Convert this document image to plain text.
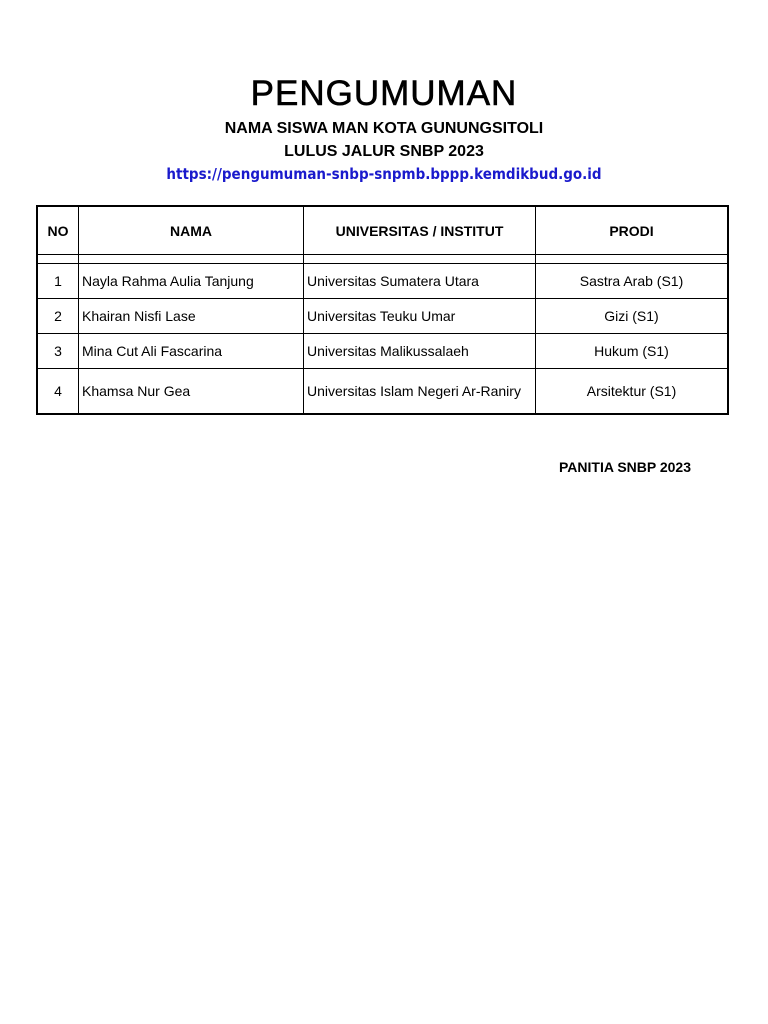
PENGUMUMAN
NAMA SISWA MAN KOTA GUNUNGSITOLI
LULUS JALUR SNBP 2023
https://pengumuman-snbp-snpmb.bppp.kemdikbud.go.id
NO	NAMA	UNIVERSITAS / INSTITUT	PRODI

1	Nayla Rahma Aulia Tanjung	Universitas Sumatera Utara	Sastra Arab (S1)
2	Khairan Nisfi Lase	Universitas Teuku Umar	Gizi (S1)
3	Mina Cut Ali Fascarina	Universitas Malikussalaeh	Hukum (S1)
4	Khamsa Nur Gea	Universitas Islam Negeri Ar-Raniry	Arsitektur (S1)
PANITIA SNBP 2023
